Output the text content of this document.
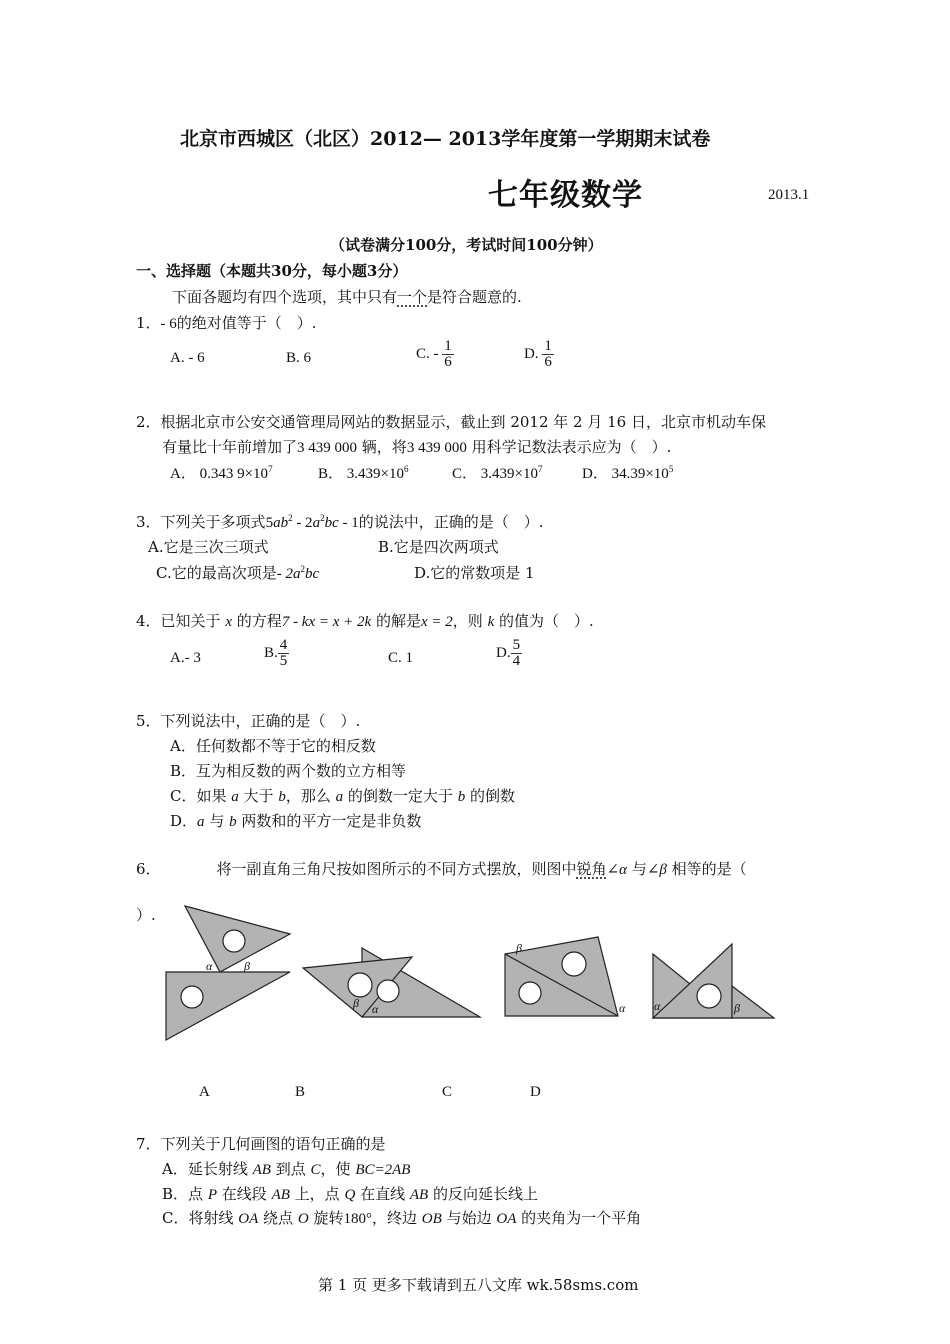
北京市西城区（北区）2012— 2013学年度第一学期期末试卷
七年级数学	2013.1
（试卷满分100分，考试时间100分钟）
一、选择题（本题共30分，每小题3分）
下面各题均有四个选项，其中只有一个是符合题意的.
1．- 6的绝对值等于（　）.
A. - 6	B. 6	C. - $\frac{1}{6}$	D. $\frac{1}{6}$
2．根据北京市公安交通管理局网站的数据显示，截止到 2012 年 2 月 16 日，北京市机动车保
有量比十年前增加了3 439 000 辆，将3 439 000 用科学记数法表示应为（　）.
A． 0.343 $9\times 10^7$	B． $3.439\times 10^6$	C． $3.439\times 10^7$	D． $34.39\times 10^5$
3．下列关于多项式$5ab^2 - 2a^2bc - 1$的说法中，正确的是（　）.
A.它是三次三项式	B.它是四次两项式
C.它的最高次项是- $2a^2bc$	D.它的常数项是 1
4．已知关于 x 的方程7 - kx = x + 2k 的解是x = 2，则 k 的值为（　）.
A.- 3	B. $\frac{4}{5}$	C. 1	D. $\frac{5}{4}$
5．下列说法中，正确的是（　）.
A．任何数都不等于它的相反数
B．互为相反数的两个数的立方相等
C．如果 a 大于 b，那么 a 的倒数一定大于 b 的倒数
D．a 与 b 两数和的平方一定是非负数
6．	将一副直角三角尺按如图所示的不同方式摆放，则图中锐角∠α 与∠β 相等的是（
）.
α	β
β α
β
α α	β
A	B	C	D
7．下列关于几何画图的语句正确的是
A．延长射线 AB 到点 C，使 BC=2AB
B．点 P 在线段 AB 上，点 Q 在直线 AB 的反向延长线上
C．将射线 OA 绕点 O 旋转180°，终边 OB 与始边 OA 的夹角为一个平角
第 1 页 更多下载请到五八文库 wk.58sms.com
